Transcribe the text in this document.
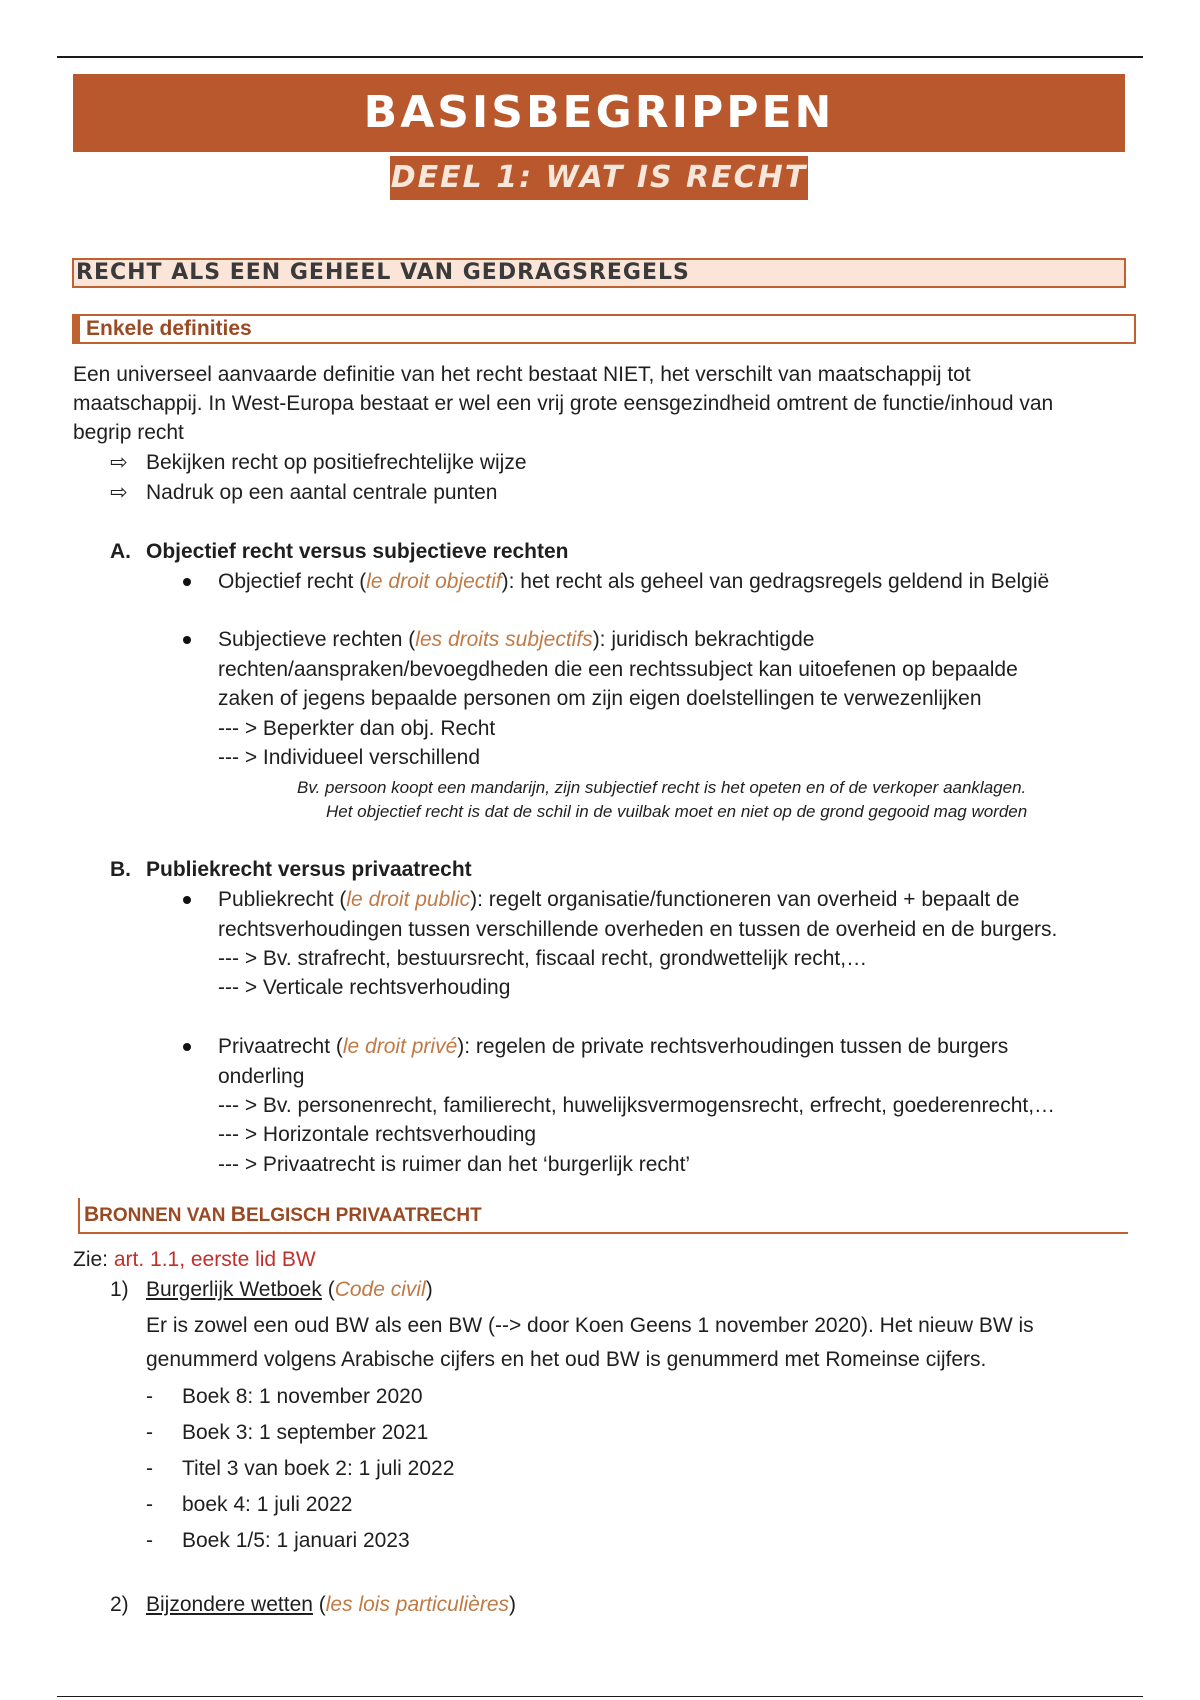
BASISBEGRIPPEN
DEEL 1: WAT IS RECHT
RECHT ALS EEN GEHEEL VAN GEDRAGSREGELS
Enkele definities
Een universeel aanvaarde definitie van het recht bestaat NIET, het verschilt van maatschappij tot
maatschappij. In West-Europa bestaat er wel een vrij grote eensgezindheid omtrent de functie/inhoud van
begrip recht
⇨ Bekijken recht op positiefrechtelijke wijze
⇨ Nadruk op een aantal centrale punten
A. Objectief recht versus subjectieve rechten
Objectief recht (le droit objectif): het recht als geheel van gedragsregels geldend in België
Subjectieve rechten (les droits subjectifs): juridisch bekrachtigde
rechten/aanspraken/bevoegdheden die een rechtssubject kan uitoefenen op bepaalde
zaken of jegens bepaalde personen om zijn eigen doelstellingen te verwezenlijken
--- > Beperkter dan obj. Recht
--- > Individueel verschillend
Bv. persoon koopt een mandarijn, zijn subjectief recht is het opeten en of de verkoper aanklagen.
Het objectief recht is dat de schil in de vuilbak moet en niet op de grond gegooid mag worden
B. Publiekrecht versus privaatrecht
Publiekrecht (le droit public): regelt organisatie/functioneren van overheid + bepaalt de
rechtsverhoudingen tussen verschillende overheden en tussen de overheid en de burgers.
--- > Bv. strafrecht, bestuursrecht, fiscaal recht, grondwettelijk recht,…
--- > Verticale rechtsverhouding
Privaatrecht (le droit privé): regelen de private rechtsverhoudingen tussen de burgers
onderling
--- > Bv. personenrecht, familierecht, huwelijksvermogensrecht, erfrecht, goederenrecht,…
--- > Horizontale rechtsverhouding
--- > Privaatrecht is ruimer dan het ‘burgerlijk recht’
BRONNEN VAN BELGISCH PRIVAATRECHT
Zie: art. 1.1, eerste lid BW
1) Burgerlijk Wetboek (Code civil)
Er is zowel een oud BW als een BW (--> door Koen Geens 1 november 2020). Het nieuw BW is
genummerd volgens Arabische cijfers en het oud BW is genummerd met Romeinse cijfers.
- Boek 8: 1 november 2020
- Boek 3: 1 september 2021
- Titel 3 van boek 2: 1 juli 2022
- boek 4: 1 juli 2022
- Boek 1/5: 1 januari 2023
2) Bijzondere wetten (les lois particulières)
